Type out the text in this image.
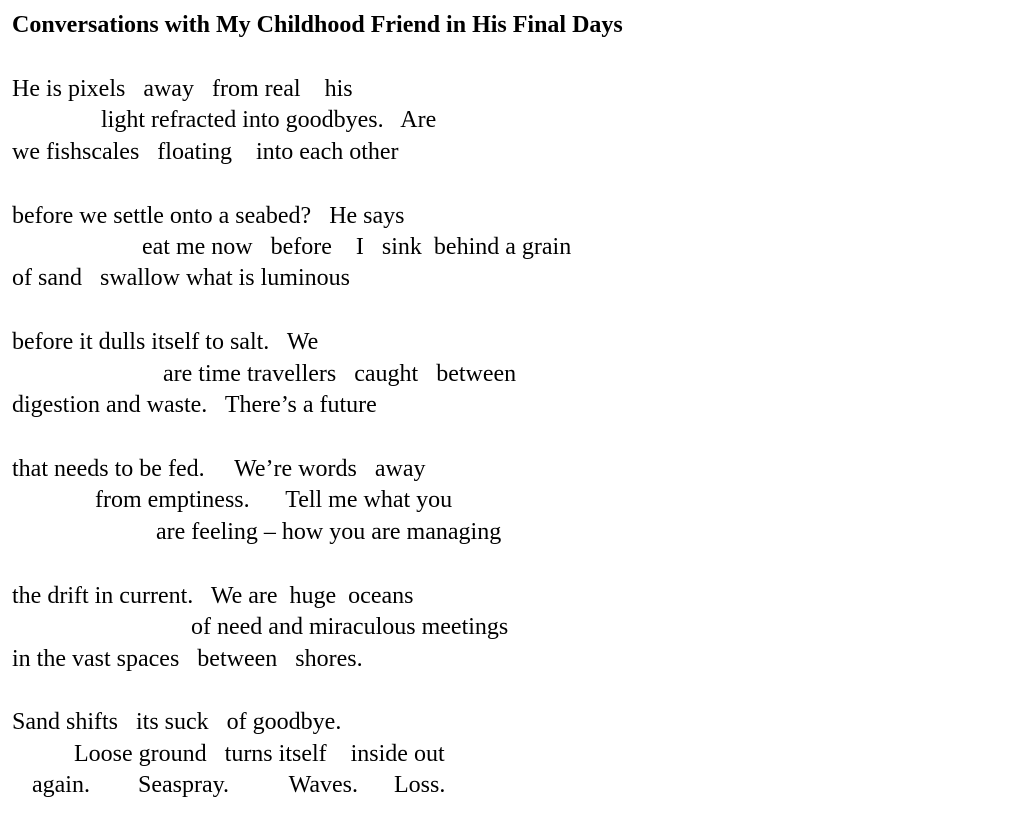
Conversations with My Childhood Friend in His Final Days

He is pixels   away   from real    his

light refracted into goodbyes.   Are

we fishscales   floating    into each other

before we settle onto a seabed?   He says

eat me now   before    I   sink  behind a grain

of sand   swallow what is luminous

before it dulls itself to salt.   We

are time travellers   caught   between

digestion and waste.   There’s a future

that needs to be fed.     We’re words   away

from emptiness.      Tell me what you

are feeling – how you are managing

the drift in current.   We are  huge  oceans

of need and miraculous meetings

in the vast spaces   between   shores.

Sand shifts   its suck   of goodbye.

Loose ground   turns itself    inside out

again.        Seaspray.          Waves.      Loss.
